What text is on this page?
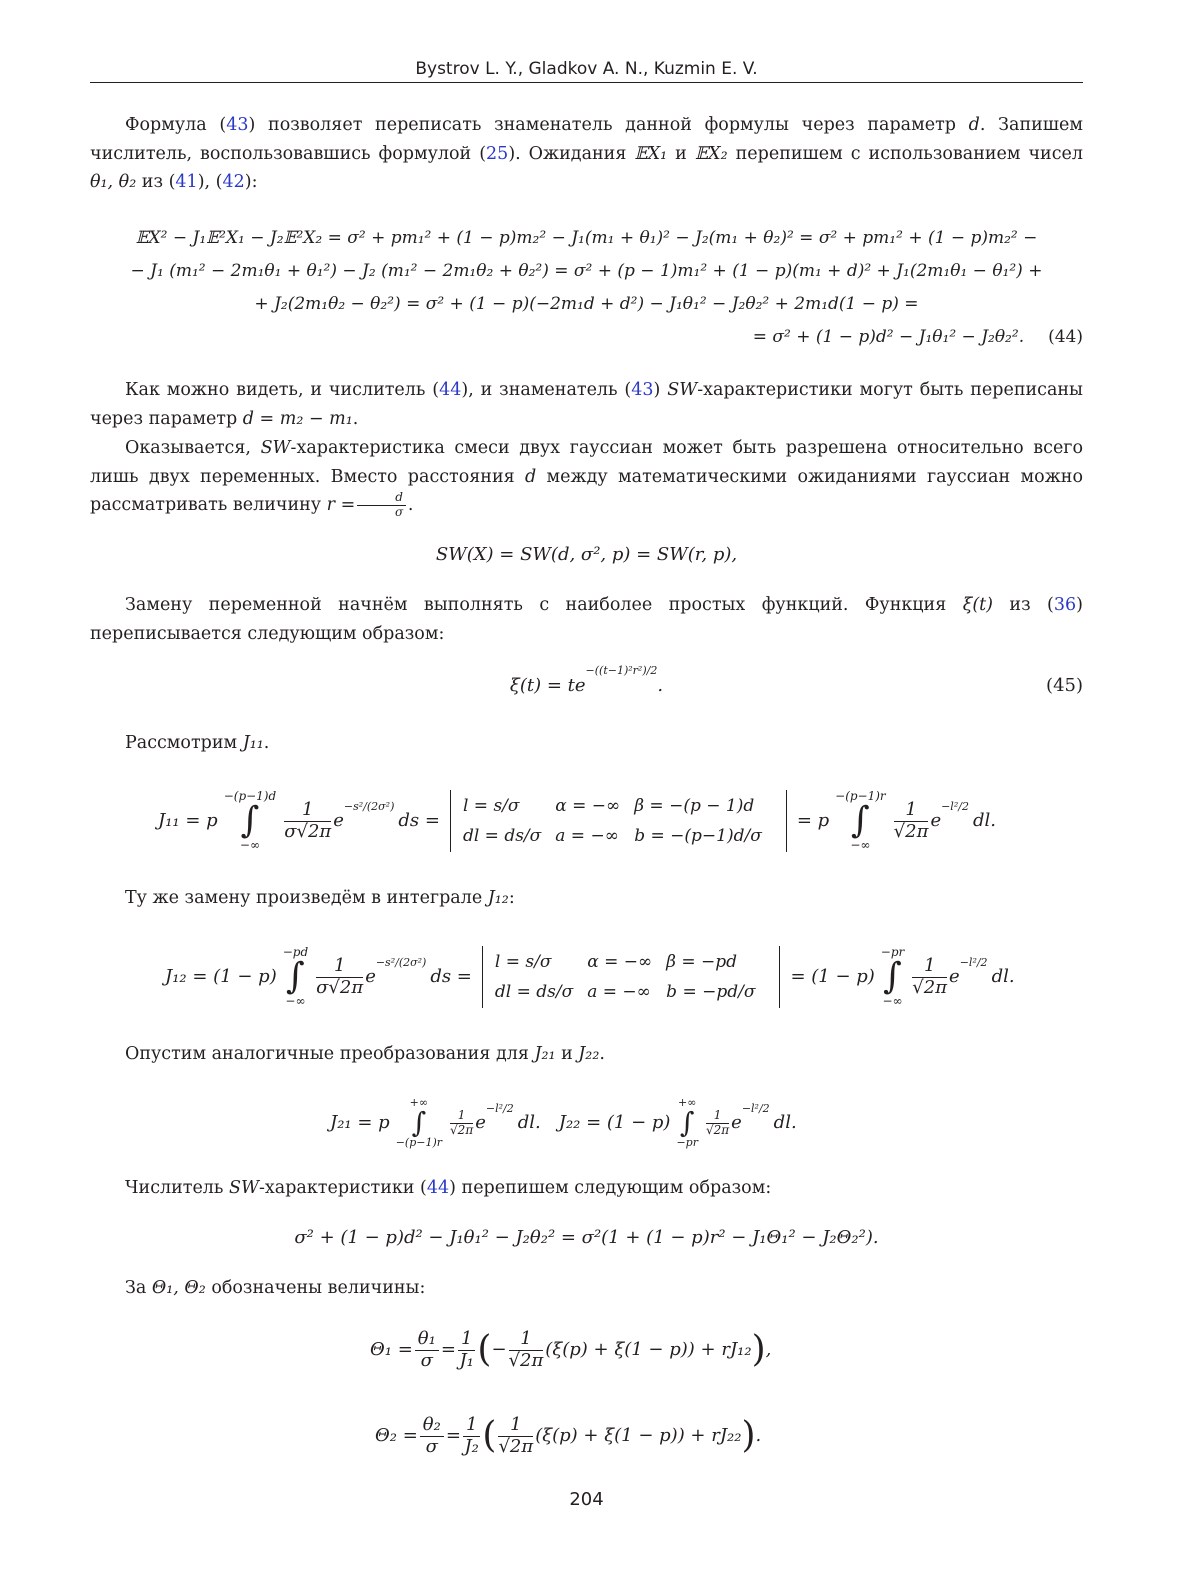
Bystrov L. Y., Gladkov A. N., Kuzmin E. V.
Формула (43) позволяет переписать знаменатель данной формулы через параметр d. Запишем числитель, воспользовавшись формулой (25). Ожидания 𝔼X₁ и 𝔼X₂ перепишем с использованием чисел θ₁, θ₂ из (41), (42):
𝔼X² − J₁𝔼²X₁ − J₂𝔼²X₂ = σ² + pm₁² + (1 − p)m₂² − J₁(m₁ + θ₁)² − J₂(m₁ + θ₂)² = σ² + pm₁² + (1 − p)m₂² −
− J₁ (m₁² − 2m₁θ₁ + θ₁²) − J₂ (m₁² − 2m₁θ₂ + θ₂²) = σ² + (p − 1)m₁² + (1 − p)(m₁ + d)² + J₁(2m₁θ₁ − θ₁²) +
+ J₂(2m₁θ₂ − θ₂²) = σ² + (1 − p)(−2m₁d + d²) − J₁θ₁² − J₂θ₂² + 2m₁d(1 − p) =
= σ² + (1 − p)d² − J₁θ₁² − J₂θ₂². (44)
Как можно видеть, и числитель (44), и знаменатель (43) SW-характеристики могут быть переписаны через параметр d = m₂ − m₁.
Оказывается, SW-характеристика смеси двух гауссиан может быть разрешена относительно всего лишь двух переменных. Вместо расстояния d между математическими ожиданиями гауссиан можно рассматривать величину $r = \frac{d}{\sigma}$ .
SW(X) = SW(d, σ², p) = SW(r, p),
Замену переменной начнём выполнять с наиболее простых функций. Функция ξ(t) из (36) переписывается следующим образом:
$\xi(t) = te^{-((t-1)^2r^2)/2}$.	(45)
Рассмотрим J₁₁.
J₁₁ = p
−(p−1)d
∫
−∞
$\frac{1}{\sigma√2\pi} e^{-s^2/(2\sigma^2)}$
ds =
l = s/σ	α = −∞	β = −(p − 1)d
dl = ds/σ	a = −∞	b = −(p−1)d/σ
= p
−(p−1)r
∫
−∞
$\frac{1}{√2\pi} e^{-l^2/2}$
dl.
Ту же замену произведём в интеграле J₁₂:
J₁₂ = (1 − p)
−pd
∫
−∞
$\frac{1}{\sigma√2\pi} e^{-s^2/(2\sigma^2)}$
ds =
l = s/σ	α = −∞	β = −pd
dl = ds/σ	a = −∞	b = −pd/σ
= (1 − p)
−pr
∫
−∞
$\frac{1}{√2\pi} e^{-l^2/2}$
dl.
Опустим аналогичные преобразования для J₂₁ и J₂₂.
J₂₁ = p
+∞
∫
−(p−1)r
$\frac{1}{√2\pi} e^{-l^2/2}$
dl. J₂₂ = (1 − p)
+∞
∫
−pr
$\frac{1}{√2\pi} e^{-l^2/2}$
dl.
Числитель SW-характеристики (44) перепишем следующим образом:
σ² + (1 − p)d² − J₁θ₁² − J₂θ₂² = σ²(1 + (1 − p)r² − J₁Θ₁² − J₂Θ₂²).
За Θ₁, Θ₂ обозначены величины:
$\Theta_1 = \frac{\text{θ₁}}{\sigma} = \frac{1}{\text{J₁}}$ ( − $\frac{1}{√2\pi} (\xi(p) + \xi(1 - p)) + rJ_{12}$ ) ,
$\Theta_2 = \frac{\text{θ₂}}{\sigma} = \frac{1}{\text{J₂}}$ ( $\frac{1}{√2\pi} (\xi(p) + \xi(1 - p)) + rJ_{22}$ ) .
204
